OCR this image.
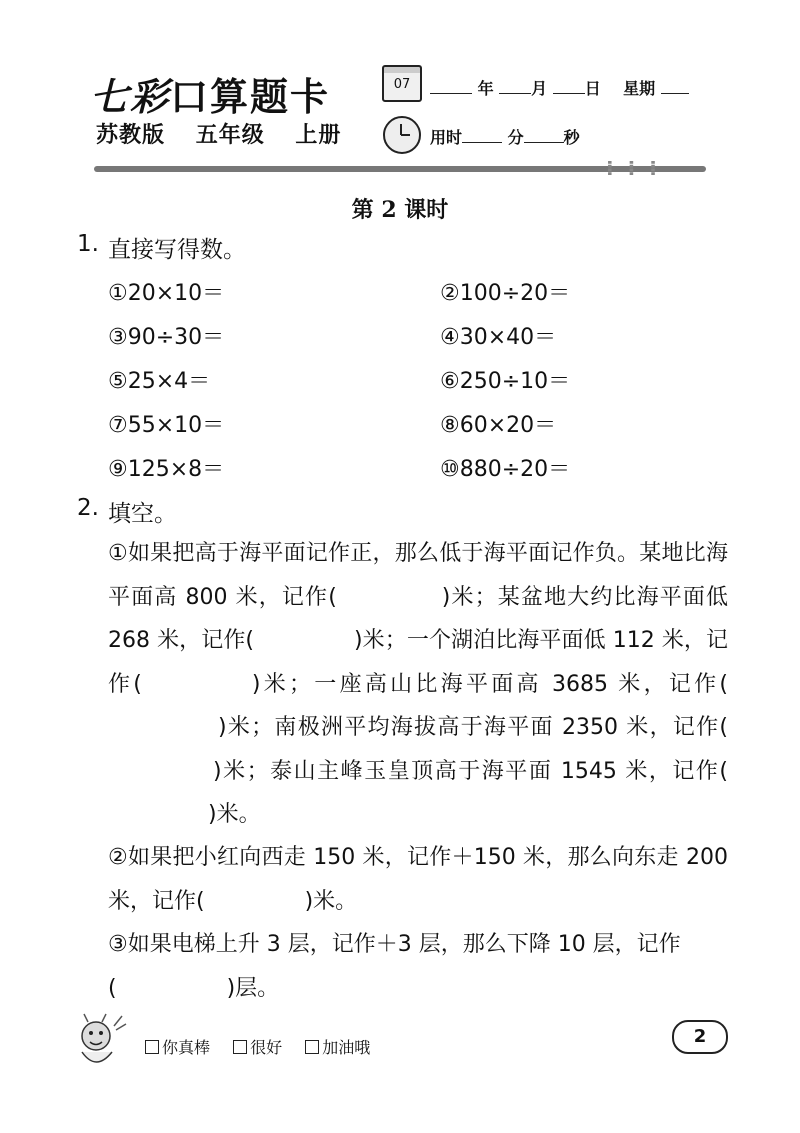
七彩口算题卡
苏教版 五年级 上册
07	年 月 日 星期
用时	分	秒
⁞⁞⁞
第 2 课时
1. 直接写得数。
①20×10＝	②100÷20＝
③90÷30＝	④30×40＝
⑤25×4＝	⑥250÷10＝
⑦55×10＝	⑧60×20＝
⑨125×8＝	⑩880÷20＝
2. 填空。
①如果把高于海平面记作正，那么低于海平面记作负。某地比海平面高 800 米，记作(	)米；某盆地大约比海平面低 268 米，记作(	)米；一个湖泊比海平面低 112 米，记作(	)米；一座高山比海平面高 3685 米，记作()米；南极洲平均海拔高于海平面 2350 米，记作()米；泰山主峰玉皇顶高于海平面 1545 米，记作()米。
②如果把小红向西走 150 米，记作＋150 米，那么向东走 200 米，记作(	)米。
③如果电梯上升 3 层，记作＋3 层，那么下降 10 层，记作
(	)层。
你真棒	很好	加油哦
2
